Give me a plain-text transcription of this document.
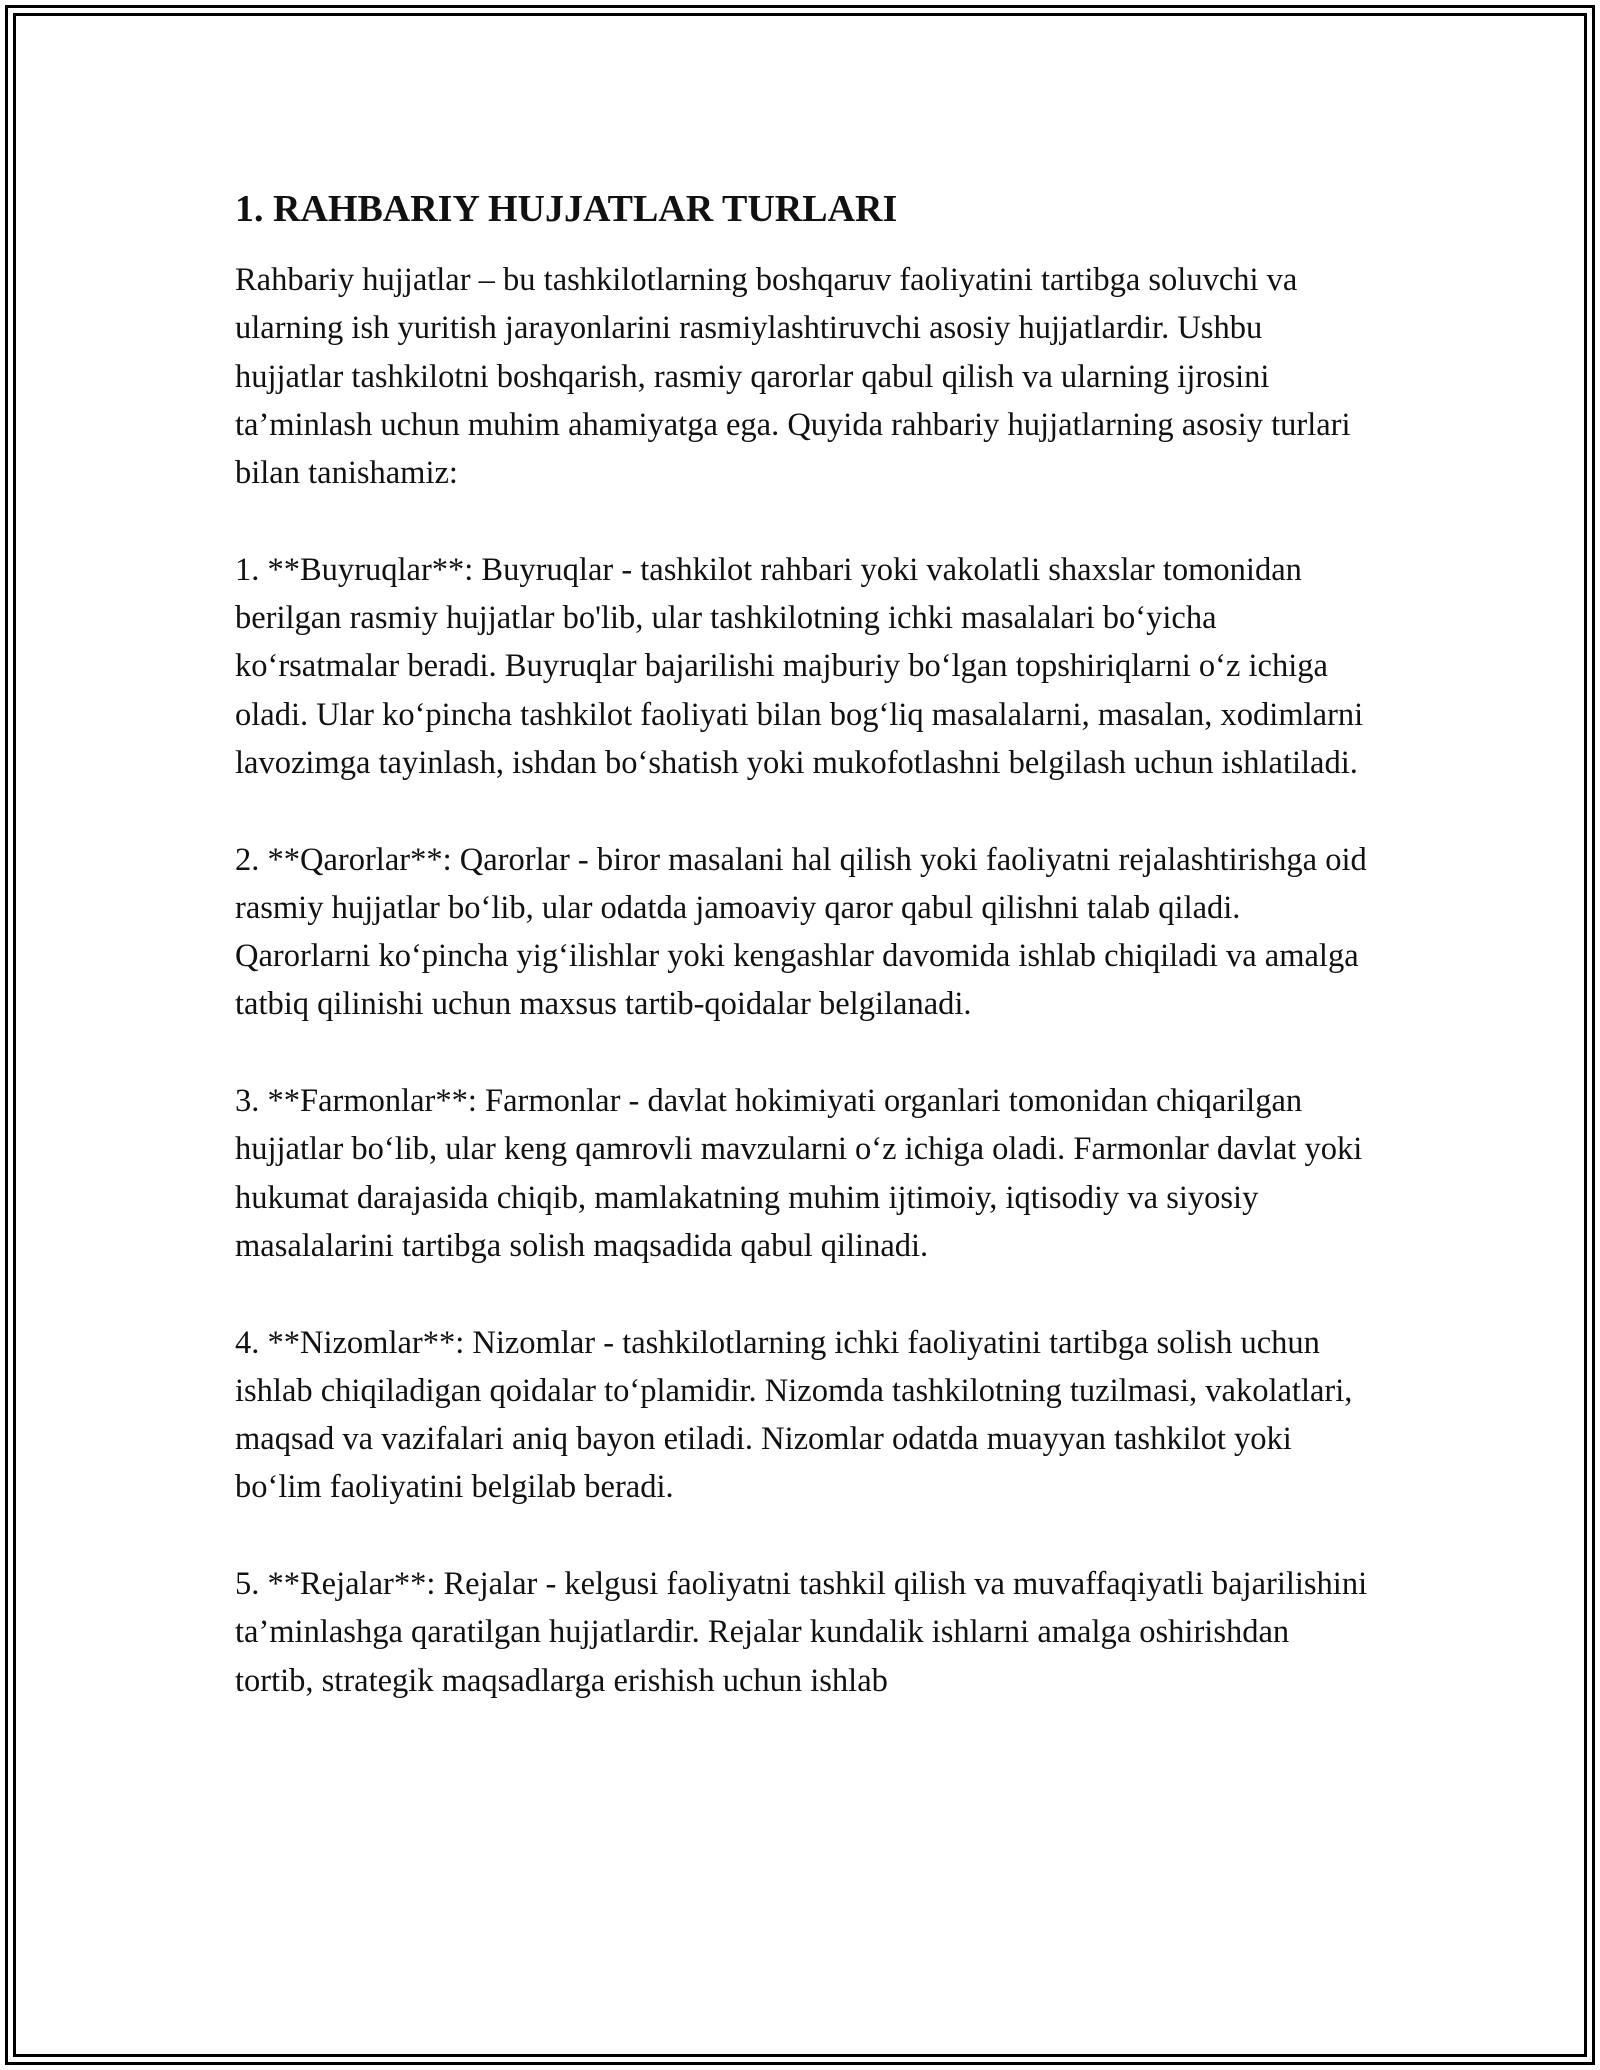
1. RAHBARIY HUJJATLAR TURLARI

Rahbariy hujjatlar – bu tashkilotlarning boshqaruv faoliyatini tartibga soluvchi va ularning ish yuritish jarayonlarini rasmiylashtiruvchi asosiy hujjatlardir. Ushbu hujjatlar tashkilotni boshqarish, rasmiy qarorlar qabul qilish va ularning ijrosini ta’minlash uchun muhim ahamiyatga ega. Quyida rahbariy hujjatlarning asosiy turlari bilan tanishamiz:

1. **Buyruqlar**: Buyruqlar - tashkilot rahbari yoki vakolatli shaxslar tomonidan berilgan rasmiy hujjatlar bo'lib, ular tashkilotning ichki masalalari bo‘yicha ko‘rsatmalar beradi. Buyruqlar bajarilishi majburiy bo‘lgan topshiriqlarni o‘z ichiga oladi. Ular ko‘pincha tashkilot faoliyati bilan bog‘liq masalalarni, masalan, xodimlarni lavozimga tayinlash, ishdan bo‘shatish yoki mukofotlashni belgilash uchun ishlatiladi.

2. **Qarorlar**: Qarorlar - biror masalani hal qilish yoki faoliyatni rejalashtirishga oid rasmiy hujjatlar bo‘lib, ular odatda jamoaviy qaror qabul qilishni talab qiladi. Qarorlarni ko‘pincha yig‘ilishlar yoki kengashlar davomida ishlab chiqiladi va amalga tatbiq qilinishi uchun maxsus tartib-qoidalar belgilanadi.

3. **Farmonlar**: Farmonlar - davlat hokimiyati organlari tomonidan chiqarilgan hujjatlar bo‘lib, ular keng qamrovli mavzularni o‘z ichiga oladi. Farmonlar davlat yoki hukumat darajasida chiqib, mamlakatning muhim ijtimoiy, iqtisodiy va siyosiy masalalarini tartibga solish maqsadida qabul qilinadi.

4. **Nizomlar**: Nizomlar - tashkilotlarning ichki faoliyatini tartibga solish uchun ishlab chiqiladigan qoidalar to‘plamidir. Nizomda tashkilotning tuzilmasi, vakolatlari, maqsad va vazifalari aniq bayon etiladi. Nizomlar odatda muayyan tashkilot yoki bo‘lim faoliyatini belgilab beradi.

5. **Rejalar**: Rejalar - kelgusi faoliyatni tashkil qilish va muvaffaqiyatli bajarilishini ta’minlashga qaratilgan hujjatlardir. Rejalar kundalik ishlarni amalga oshirishdan tortib, strategik maqsadlarga erishish uchun ishlab
